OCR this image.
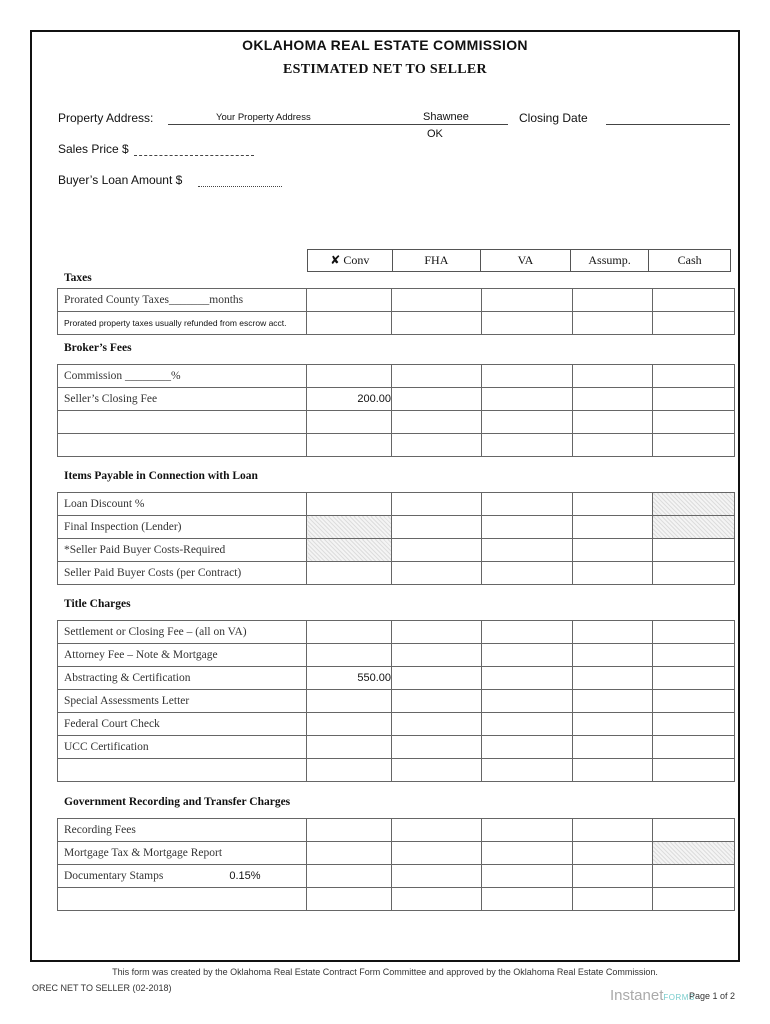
OKLAHOMA REAL ESTATE COMMISSION
ESTIMATED NET TO SELLER
Property Address:	Your Property Address	Shawnee
OK
Closing Date
Sales Price $
Buyer’s Loan Amount $
✘ Conv	FHA	VA	Assump.	Cash
Taxes
Prorated County Taxes_______months					
Prorated property taxes usually refunded from escrow acct.					
Broker’s Fees
Commission ________%					
Seller’s Closing Fee	200.00				

Items Payable in Connection with Loan
Loan Discount %					
Final Inspection (Lender)					
*Seller Paid Buyer Costs-Required					
Seller Paid Buyer Costs (per Contract)					
Title Charges
Settlement or Closing Fee – (all on VA)					
Attorney Fee – Note & Mortgage					
Abstracting & Certification	550.00				
Special Assessments Letter					
Federal Court Check					
UCC Certification					

Government Recording and Transfer Charges
Recording Fees					
Mortgage Tax & Mortgage Report					
Documentary Stamps 0.15%					

This form was created by the Oklahoma Real Estate Contract Form Committee and approved by the Oklahoma Real Estate Commission.
OREC NET TO SELLER (02-2018)	InstanetFORMS
Page 1 of 2
